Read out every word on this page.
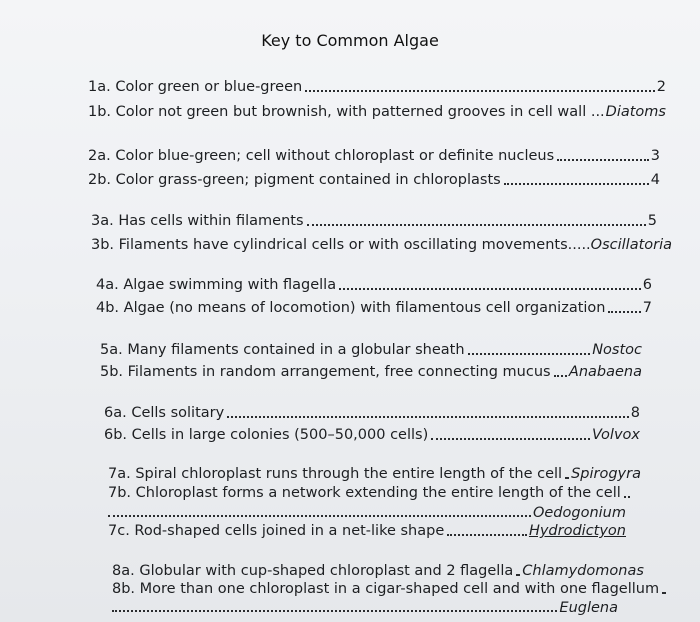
Key to Common Algae
1a. Color green or blue-green	2
1b. Color not green but brownish, with patterned grooves in cell wall ... Diatoms
2a. Color blue-green; cell without chloroplast or definite nucleus	3
2b. Color grass-green; pigment contained in chloroplasts	4
3a. Has cells within filaments	5
3b. Filaments have cylindrical cells or with oscillating movements..... Oscillatoria
4a. Algae swimming with flagella	6
4b. Algae (no means of locomotion) with filamentous cell organization	7
5a. Many filaments contained in a globular sheath	Nostoc
5b. Filaments in random arrangement, free connecting mucus Anabaena
6a. Cells solitary	8
6b. Cells in large colonies (500–50,000 cells)	Volvox
7a. Spiral chloroplast runs through the entire length of the cell Spirogyra
7b. Chloroplast forms a network extending the entire length of the cell
Oedogonium
7c. Rod-shaped cells joined in a net-like shape	Hydrodictyon
8a. Globular with cup-shaped chloroplast and 2 flagella Chlamydomonas
8b. More than one chloroplast in a cigar-shaped cell and with one flagellum
Euglena
